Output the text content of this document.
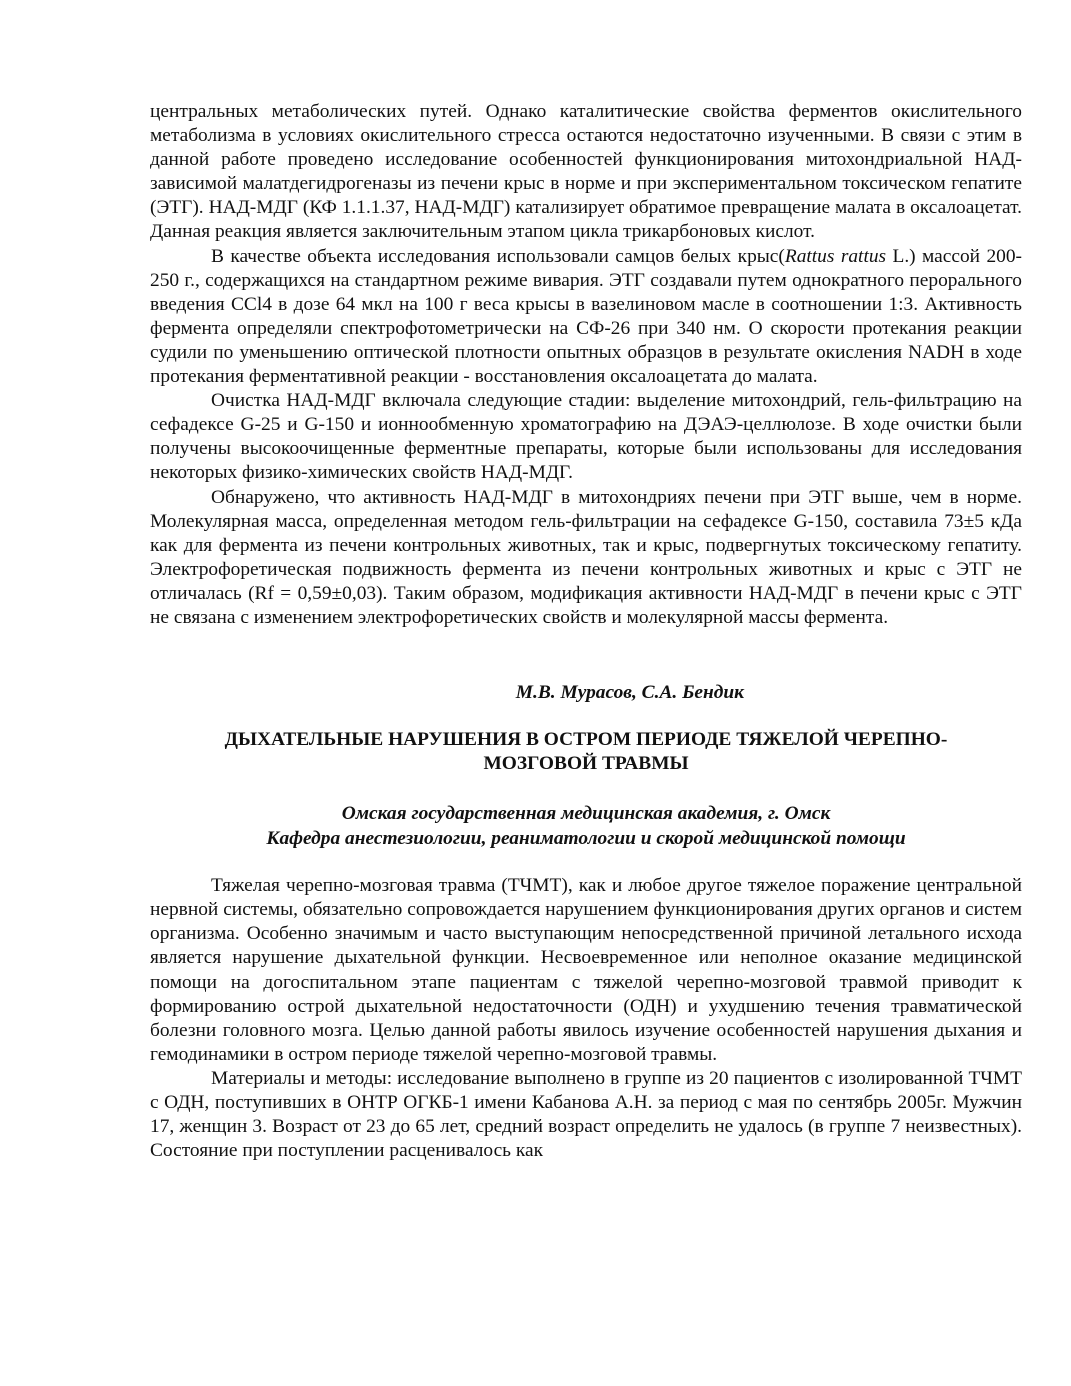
центральных метаболических путей. Однако каталитические свойства ферментов окислительного метаболизма в условиях окислительного стресса остаются недостаточно изученными. В связи с этим в данной работе проведено исследование особенностей функционирования митохондриальной НАД-зависимой малатдегидрогеназы из печени крыс в норме и при экспериментальном токсическом гепатите (ЭТГ). НАД-МДГ (КФ 1.1.1.37, НАД-МДГ) катализирует обратимое превращение малата в оксалоацетат. Данная реакция является заключительным этапом цикла трикарбоновых кислот.

В качестве объекта исследования использовали самцов белых крыс(Rattus rattus L.) массой 200-250 г., содержащихся на стандартном режиме вивария. ЭТГ создавали путем однократного перорального введения CCl4 в дозе 64 мкл на 100 г веса крысы в вазелиновом масле в соотношении 1:3. Активность фермента определяли спектрофотометрически на СФ-26 при 340 нм. О скорости протекания реакции судили по уменьшению оптической плотности опытных образцов в результате окисления NADH в ходе протекания ферментативной реакции - восстановления оксалоацетата до малата.

Очистка НАД-МДГ включала следующие стадии: выделение митохондрий, гель-фильтрацию на сефадексе G-25 и G-150 и ионнообменную хроматографию на ДЭАЭ-целлюлозе. В ходе очистки были получены высокоочищенные ферментные препараты, которые были использованы для исследования некоторых физико-химических свойств НАД-МДГ.

Обнаружено, что активность НАД-МДГ в митохондриях печени при ЭТГ выше, чем в норме. Молекулярная масса, определенная методом гель-фильтрации на сефадексе G-150, составила 73±5 кДа как для фермента из печени контрольных животных, так и крыс, подвергнутых токсическому гепатиту. Электрофоретическая подвижность фермента из печени контрольных животных и крыс с ЭТГ не отличалась (Rf = 0,59±0,03). Таким образом, модификация активности НАД-МДГ в печени крыс с ЭТГ не связана с изменением электрофоретических свойств и молекулярной массы фермента.

М.В. Мурасов, С.А. Бендик
ДЫХАТЕЛЬНЫЕ НАРУШЕНИЯ В ОСТРОМ ПЕРИОДЕ ТЯЖЕЛОЙ ЧЕРЕПНО-
МОЗГОВОЙ ТРАВМЫ
Омская государственная медицинская академия, г. Омск
Кафедра анестезиологии, реаниматологии и скорой медицинской помощи

Тяжелая черепно-мозговая травма (ТЧМТ), как и любое другое тяжелое поражение центральной нервной системы, обязательно сопровождается нарушением функционирования других органов и систем организма. Особенно значимым и часто выступающим непосредственной причиной летального исхода является нарушение дыхательной функции. Несвоевременное или неполное оказание медицинской помощи на догоспитальном этапе пациентам с тяжелой черепно-мозговой травмой приводит к формированию острой дыхательной недостаточности (ОДН) и ухудшению течения травматической болезни головного мозга. Целью данной работы явилось изучение особенностей нарушения дыхания и гемодинамики в остром периоде тяжелой черепно-мозговой травмы.

Материалы и методы: исследование выполнено в группе из 20 пациентов с изолированной ТЧМТ с ОДН, поступивших в ОНТР ОГКБ-1 имени Кабанова А.Н. за период с мая по сентябрь 2005г. Мужчин 17, женщин 3. Возраст от 23 до 65 лет, средний возраст определить не удалось (в группе 7 неизвестных). Состояние при поступлении расценивалось как
